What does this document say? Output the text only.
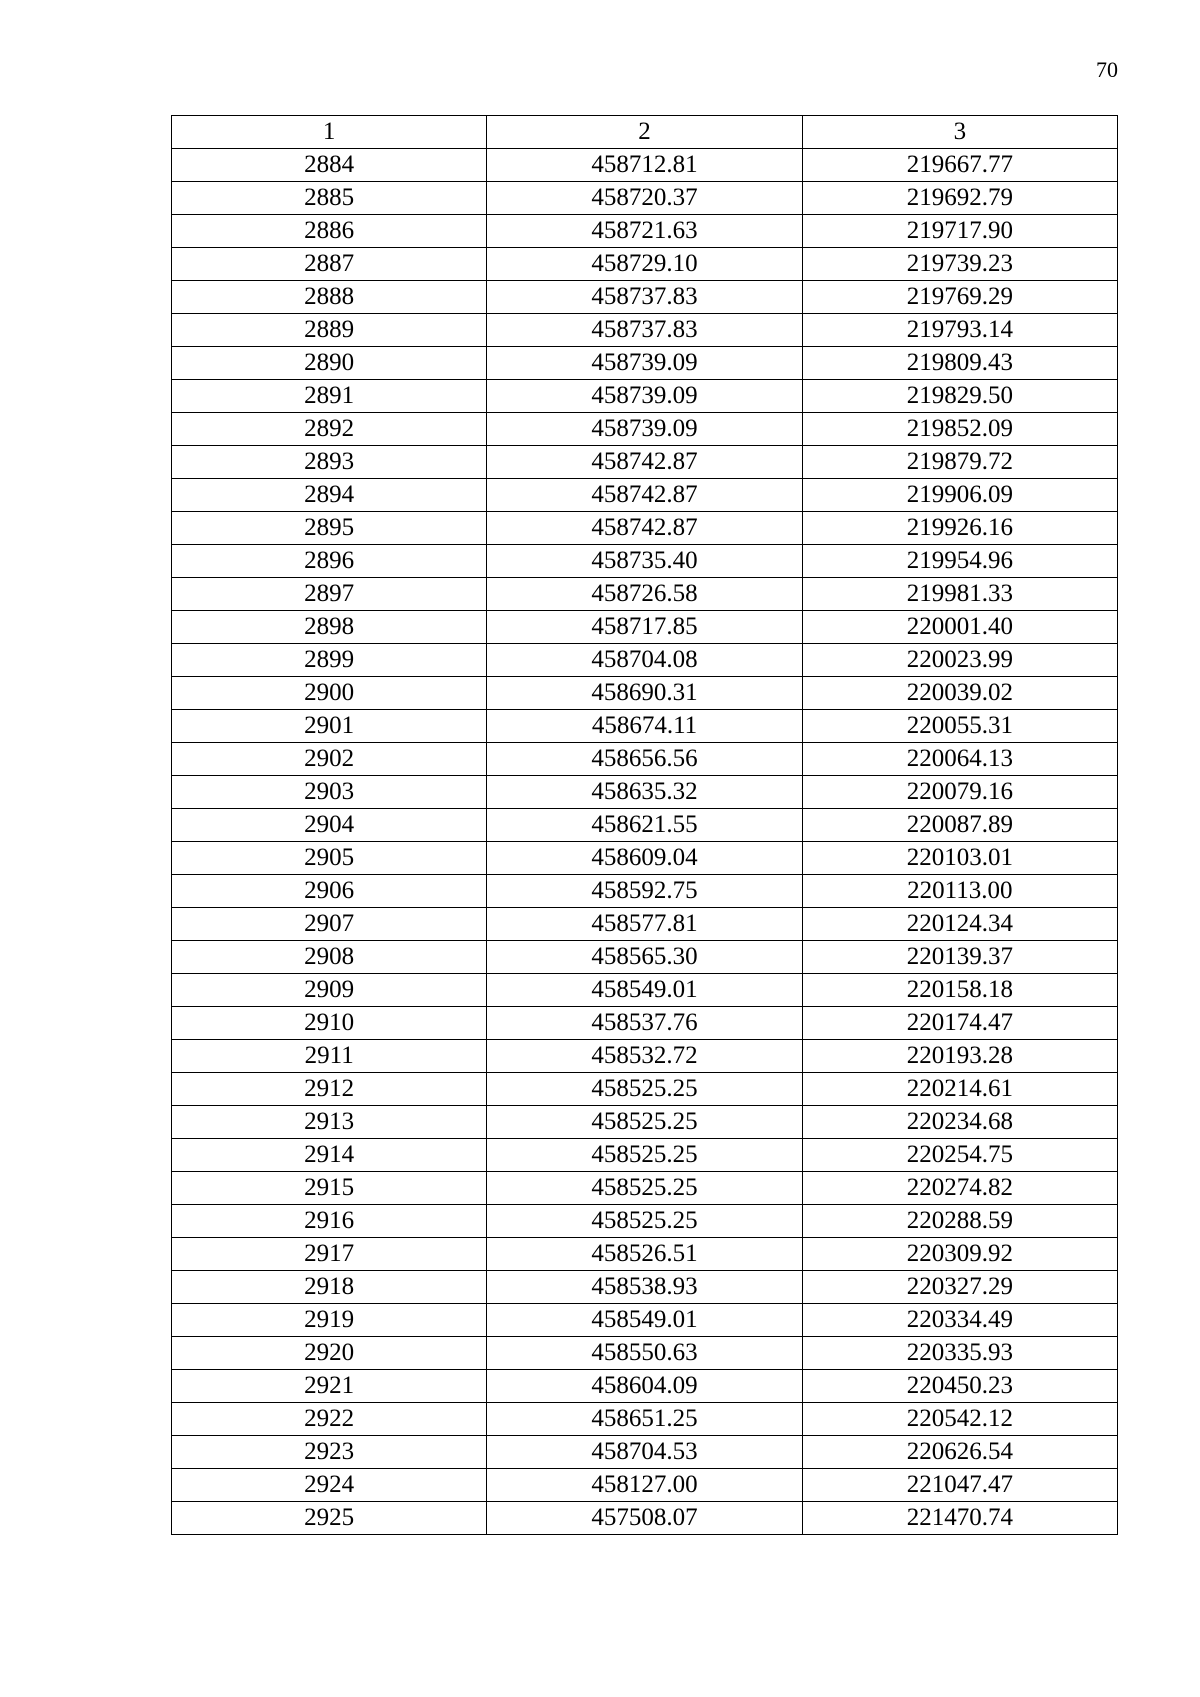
70
1	2	3
2884	458712.81	219667.77
2885	458720.37	219692.79
2886	458721.63	219717.90
2887	458729.10	219739.23
2888	458737.83	219769.29
2889	458737.83	219793.14
2890	458739.09	219809.43
2891	458739.09	219829.50
2892	458739.09	219852.09
2893	458742.87	219879.72
2894	458742.87	219906.09
2895	458742.87	219926.16
2896	458735.40	219954.96
2897	458726.58	219981.33
2898	458717.85	220001.40
2899	458704.08	220023.99
2900	458690.31	220039.02
2901	458674.11	220055.31
2902	458656.56	220064.13
2903	458635.32	220079.16
2904	458621.55	220087.89
2905	458609.04	220103.01
2906	458592.75	220113.00
2907	458577.81	220124.34
2908	458565.30	220139.37
2909	458549.01	220158.18
2910	458537.76	220174.47
2911	458532.72	220193.28
2912	458525.25	220214.61
2913	458525.25	220234.68
2914	458525.25	220254.75
2915	458525.25	220274.82
2916	458525.25	220288.59
2917	458526.51	220309.92
2918	458538.93	220327.29
2919	458549.01	220334.49
2920	458550.63	220335.93
2921	458604.09	220450.23
2922	458651.25	220542.12
2923	458704.53	220626.54
2924	458127.00	221047.47
2925	457508.07	221470.74
